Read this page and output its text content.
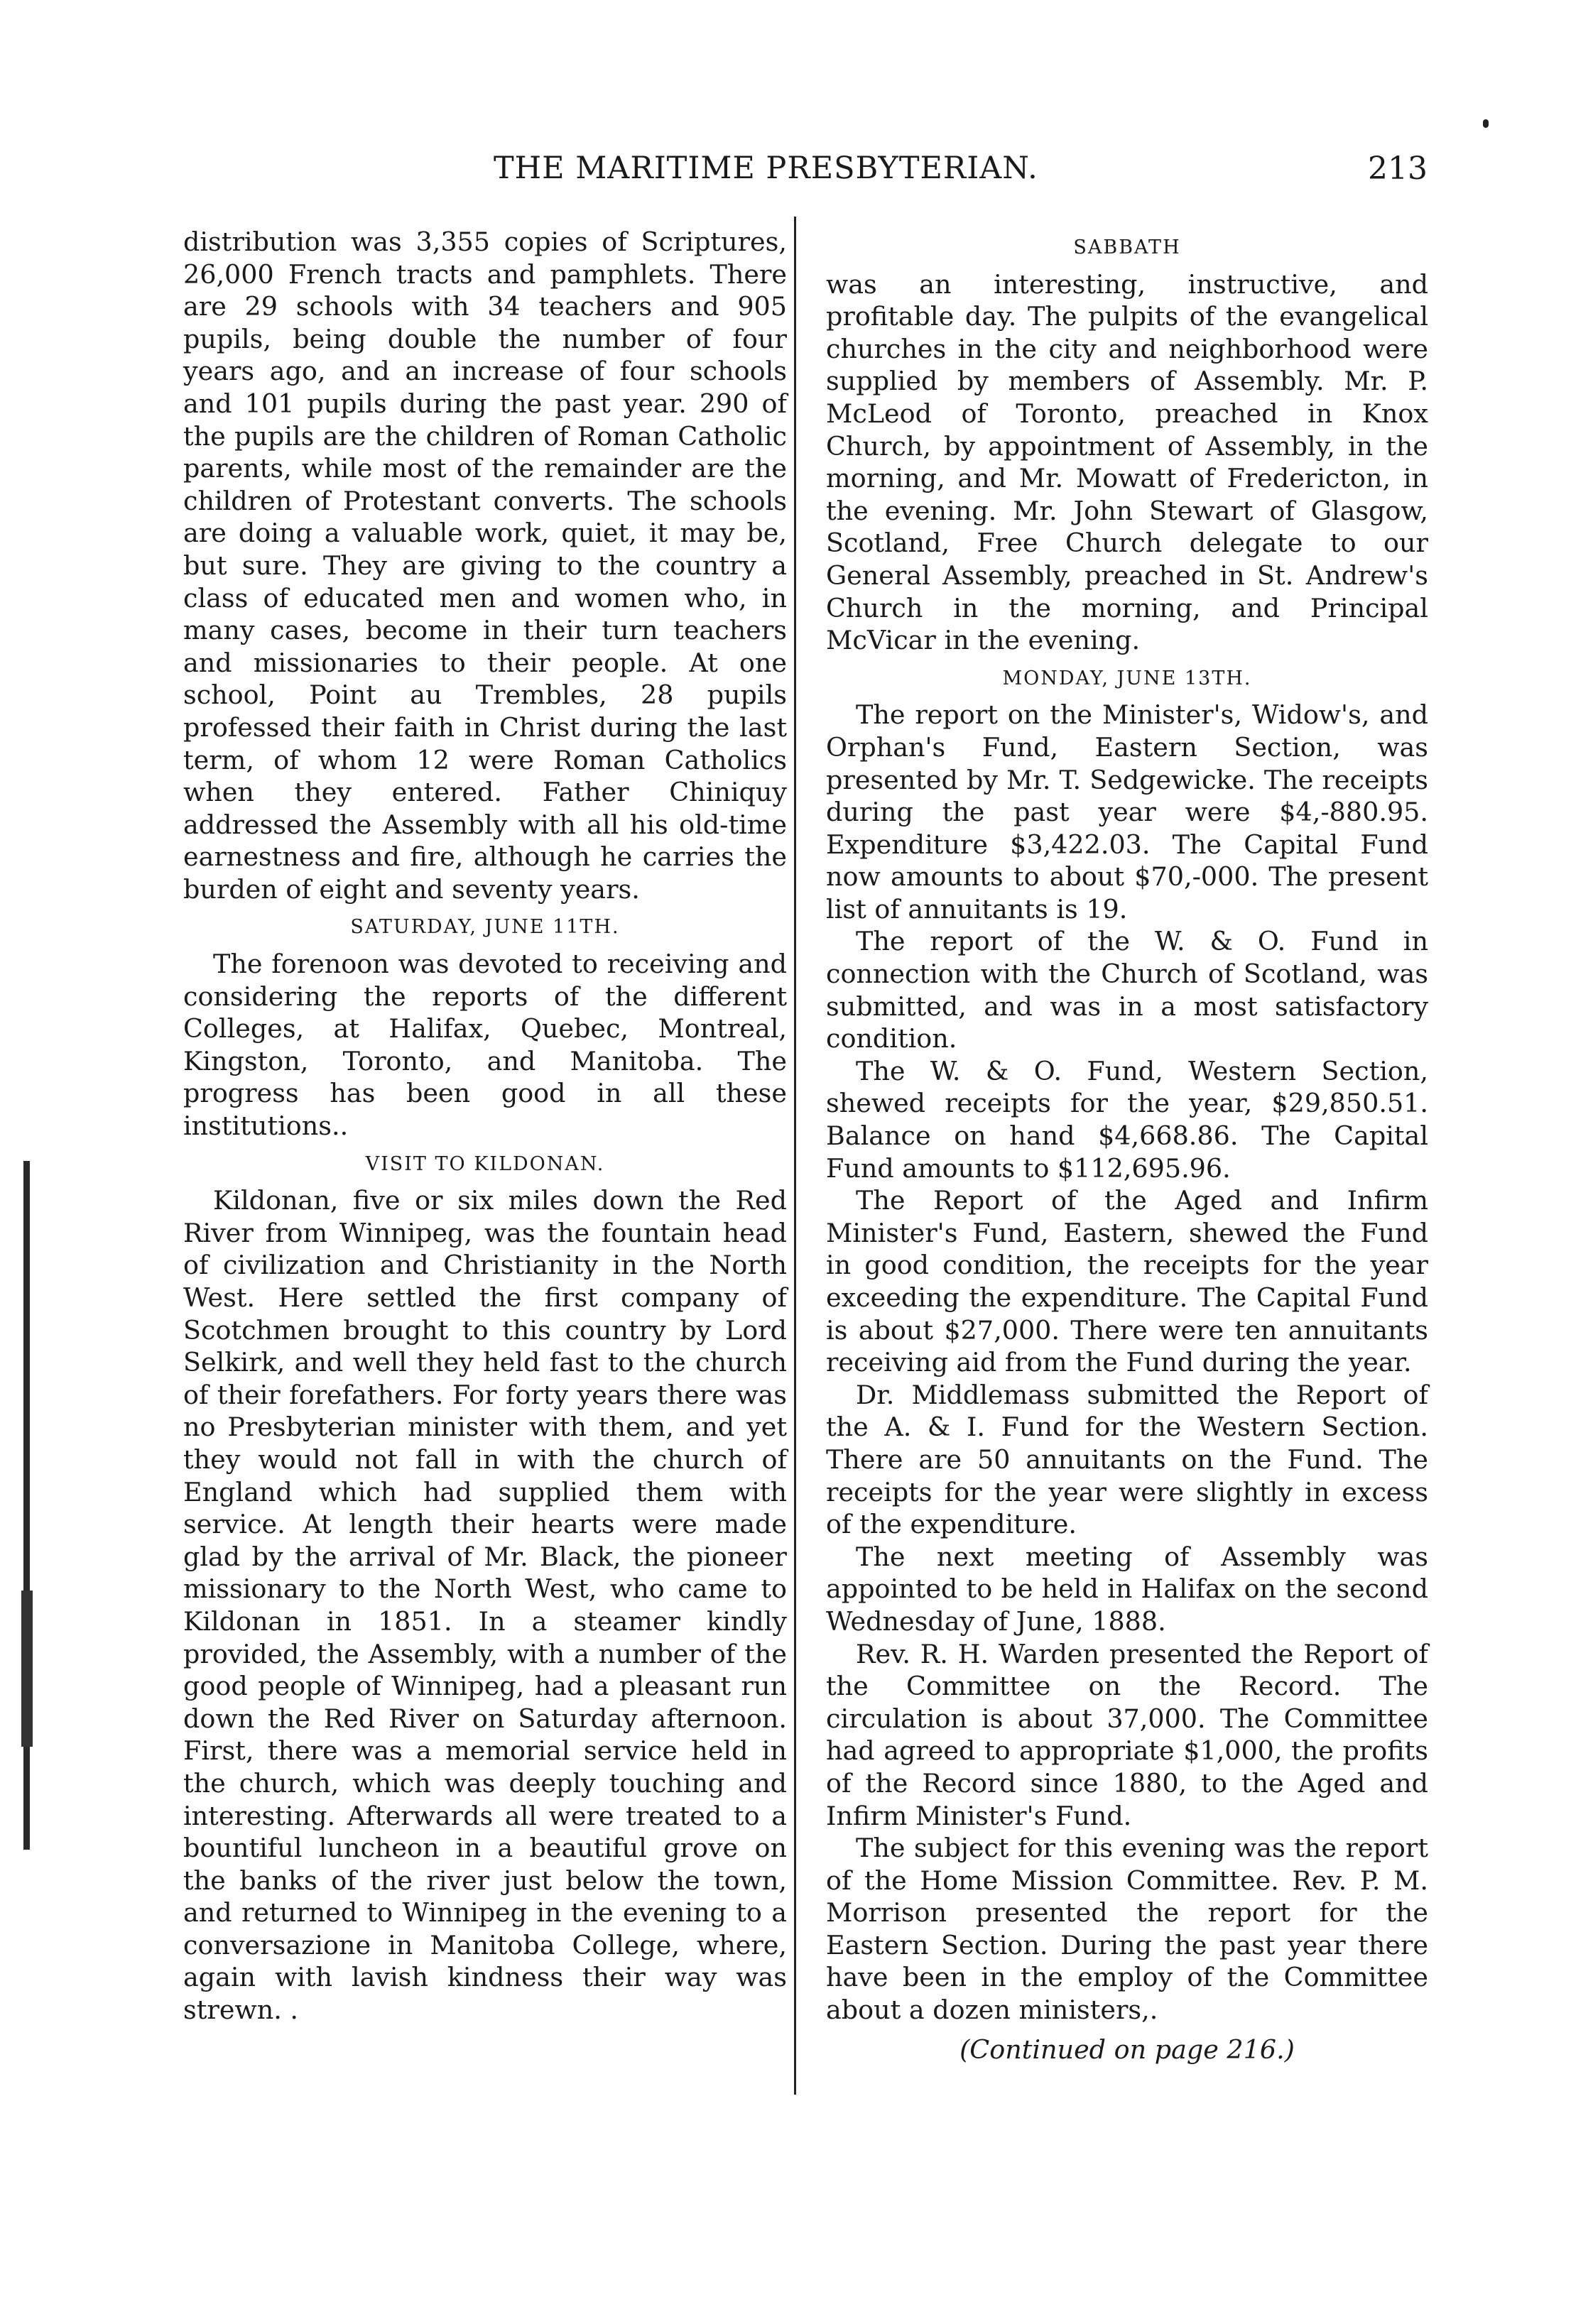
THE MARITIME PRESBYTERIAN.	213

distribution was 3,355 copies of Scriptures, 26,000 French tracts and pamphlets. There are 29 schools with 34 teachers and 905 pupils, being double the number of four years ago, and an increase of four schools and 101 pupils during the past year. 290 of the pupils are the children of Roman Catholic parents, while most of the remainder are the children of Protestant converts. The schools are doing a valuable work, quiet, it may be, but sure. They are giving to the country a class of educated men and women who, in many cases, become in their turn teachers and missionaries to their people. At one school, Point au Trembles, 28 pupils professed their faith in Christ during the last term, of whom 12 were Roman Catholics when they entered. Father Chiniquy addressed the Assembly with all his old-time earnestness and fire, although he carries the burden of eight and seventy years.

SATURDAY, JUNE 11TH.

The forenoon was devoted to receiving and considering the reports of the different Colleges, at Halifax, Quebec, Montreal, Kingston, Toronto, and Manitoba. The progress has been good in all these institutions..

VISIT TO KILDONAN.

Kildonan, five or six miles down the Red River from Winnipeg, was the fountain head of civilization and Christianity in the North West. Here settled the first company of Scotchmen brought to this country by Lord Selkirk, and well they held fast to the church of their forefathers. For forty years there was no Presbyterian minister with them, and yet they would not fall in with the church of England which had supplied them with service. At length their hearts were made glad by the arrival of Mr. Black, the pioneer missionary to the North West, who came to Kildonan in 1851. In a steamer kindly provided, the Assembly, with a number of the good people of Winnipeg, had a pleasant run down the Red River on Saturday afternoon. First, there was a memorial service held in the church, which was deeply touching and interesting. Afterwards all were treated to a bountiful luncheon in a beautiful grove on the banks of the river just below the town, and returned to Winnipeg in the evening to a conversazione in Manitoba College, where, again with lavish kindness their way was strewn. .

SABBATH

was an interesting, instructive, and profitable day. The pulpits of the evangelical churches in the city and neighborhood were supplied by members of Assembly. Mr. P. McLeod of Toronto, preached in Knox Church, by appointment of Assembly, in the morning, and Mr. Mowatt of Fredericton, in the evening. Mr. John Stewart of Glasgow, Scotland, Free Church delegate to our General Assembly, preached in St. Andrew's Church in the morning, and Principal McVicar in the evening.

MONDAY, JUNE 13TH.

The report on the Minister's, Widow's, and Orphan's Fund, Eastern Section, was presented by Mr. T. Sedgewicke. The receipts during the past year were $4,-880.95. Expenditure $3,422.03. The Capital Fund now amounts to about $70,-000. The present list of annuitants is 19.

The report of the W. & O. Fund in connection with the Church of Scotland, was submitted, and was in a most satisfactory condition.

The W. & O. Fund, Western Section, shewed receipts for the year, $29,850.51. Balance on hand $4,668.86. The Capital Fund amounts to $112,695.96.

The Report of the Aged and Infirm Minister's Fund, Eastern, shewed the Fund in good condition, the receipts for the year exceeding the expenditure. The Capital Fund is about $27,000. There were ten annuitants receiving aid from the Fund during the year.

Dr. Middlemass submitted the Report of the A. & I. Fund for the Western Section. There are 50 annuitants on the Fund. The receipts for the year were slightly in excess of the expenditure.

The next meeting of Assembly was appointed to be held in Halifax on the second Wednesday of June, 1888.

Rev. R. H. Warden presented the Report of the Committee on the Record. The circulation is about 37,000. The Committee had agreed to appropriate $1,000, the profits of the Record since 1880, to the Aged and Infirm Minister's Fund.

The subject for this evening was the report of the Home Mission Committee. Rev. P. M. Morrison presented the report for the Eastern Section. During the past year there have been in the employ of the Committee about a dozen ministers,.

(Continued on page 216.)
